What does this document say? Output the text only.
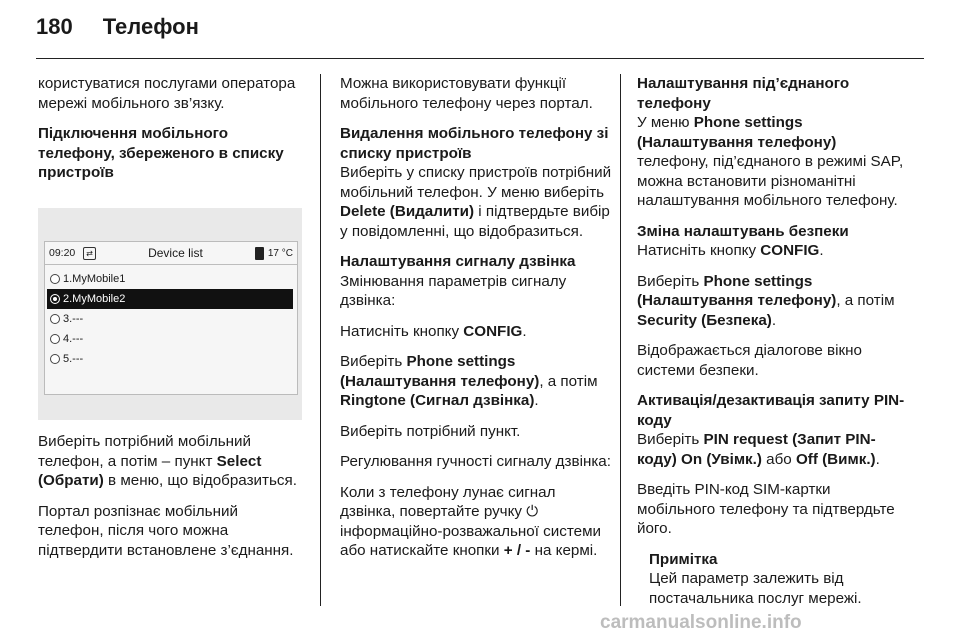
180 Телефон

користуватися послугами оператора мережі мобільного зв’язку.

Підключення мобільного телефону, збереженого в списку пристроїв

09:20	⇄	Device list	17 °C
1.MyMobile1
2.MyMobile2
3.---
4.---
5.---

Виберіть потрібний мобільний телефон, а потім – пункт Select (Обрати) в меню, що відобразиться.

Портал розпізнає мобільний телефон, після чого можна підтвердити встановлене з’єднання.

Можна використовувати функції мобільного телефону через портал.

Видалення мобільного телефону зі списку пристроїв

Виберіть у списку пристроїв потрібний мобільний телефон. У меню виберіть Delete (Видалити) і підтвердьте вибір у повідомленні, що відобразиться.

Налаштування сигналу дзвінка

Змінювання параметрів сигналу дзвінка:

Натисніть кнопку CONFIG.

Виберіть Phone settings (Налаштування телефону), а потім Ringtone (Сигнал дзвінка).

Виберіть потрібний пункт.

Регулювання гучності сигналу дзвінка:

Коли з телефону лунає сигнал дзвінка, повертайте ручку ⏻ інформаційно-розважальної системи або натискайте кнопки + / - на кермі.

Налаштування під’єднаного телефону

У меню Phone settings (Налаштування телефону) телефону, під’єднаного в режимі SAP, можна встановити різноманітні налаштування мобільного телефону.

Зміна налаштувань безпеки

Натисніть кнопку CONFIG.

Виберіть Phone settings (Налаштування телефону), а потім Security (Безпека).

Відображається діалогове вікно системи безпеки.

Активація/дезактивація запиту PIN-коду

Виберіть PIN request (Запит PIN-коду) On (Увімк.) або Off (Вимк.).

Введіть PIN-код SIM-картки мобільного телефону та підтвердьте його.

Примітка
Цей параметр залежить від постачальника послуг мережі.
carmanualsonline.info
